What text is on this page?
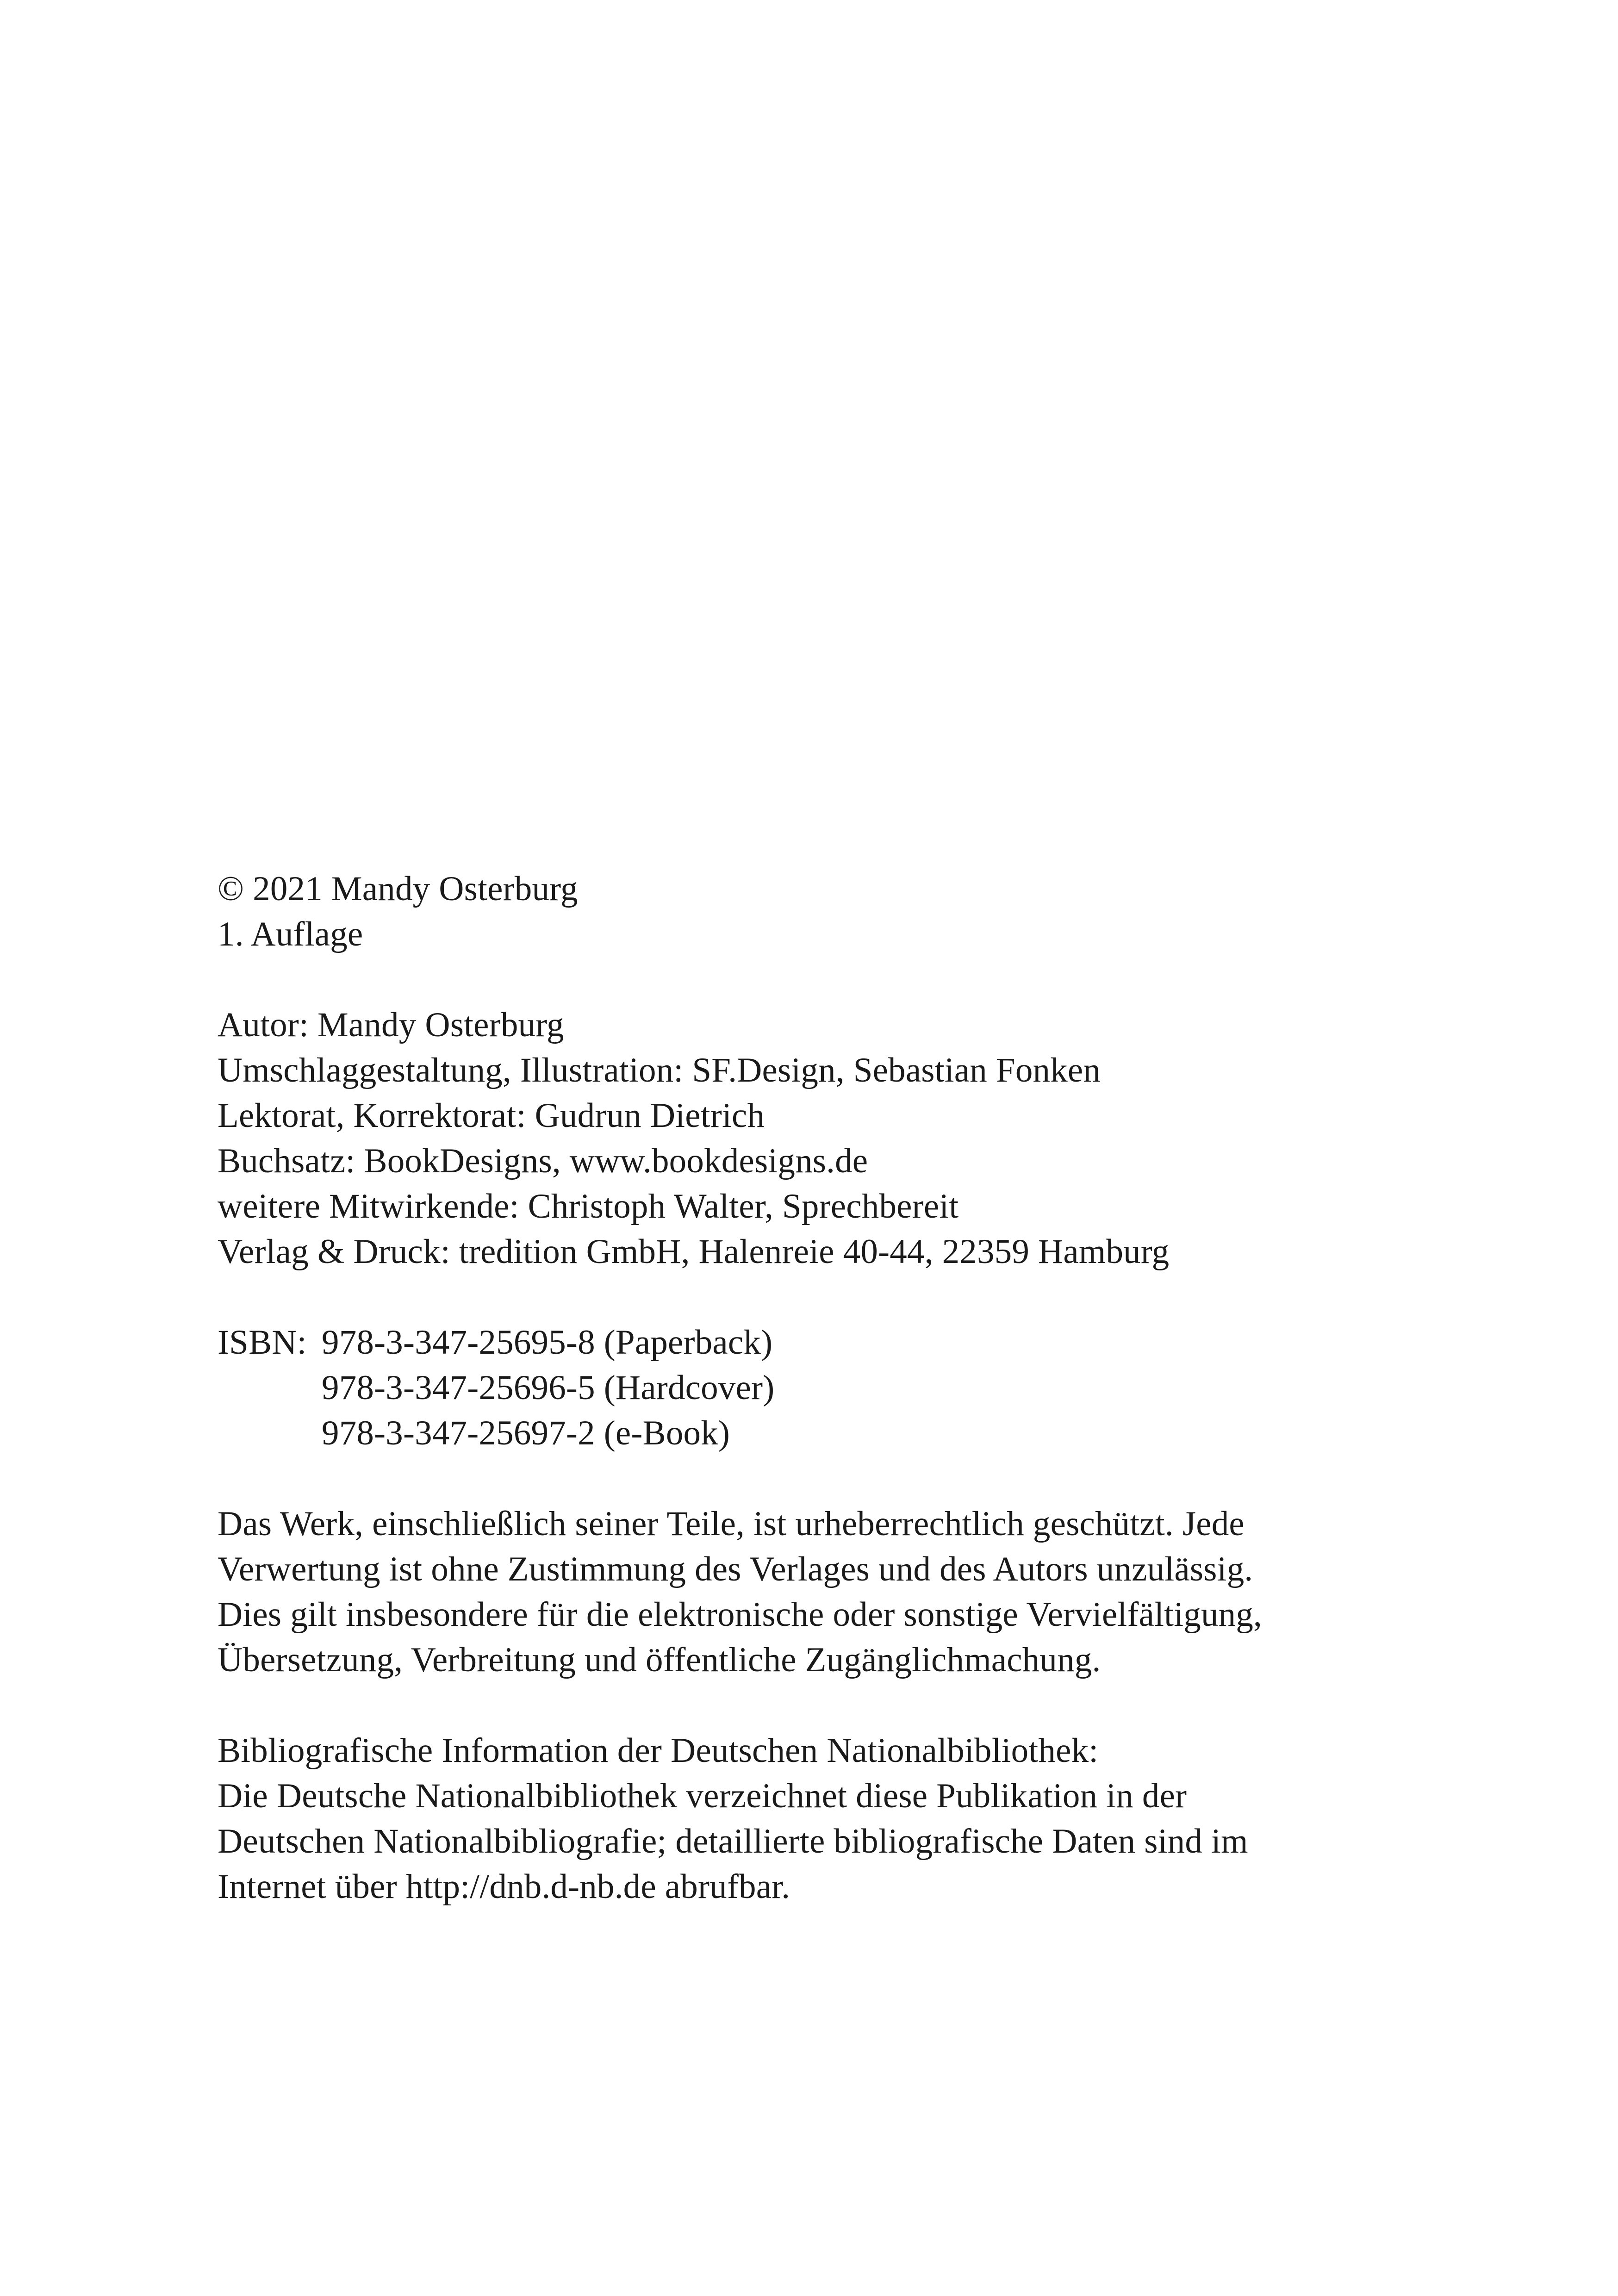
© 2021 Mandy Osterburg
1. Auflage
Autor: Mandy Osterburg
Umschlaggestaltung, Illustration: SF.Design, Sebastian Fonken
Lektorat, Korrektorat: Gudrun Dietrich
Buchsatz: BookDesigns, www.bookdesigns.de
weitere Mitwirkende: Christoph Walter, Sprechbereit
Verlag & Druck: tredition GmbH, Halenreie 40-44, 22359 Hamburg
ISBN: 978-3-347-25695-8 (Paperback)
978-3-347-25696-5 (Hardcover)
978-3-347-25697-2 (e-Book)
Das Werk, einschließlich seiner Teile, ist urheberrechtlich geschützt. Jede
Verwertung ist ohne Zustimmung des Verlages und des Autors unzulässig.
Dies gilt insbesondere für die elektronische oder sonstige Vervielfältigung,
Übersetzung, Verbreitung und öffentliche Zugänglichmachung.
Bibliografische Information der Deutschen Nationalbibliothek:
Die Deutsche Nationalbibliothek verzeichnet diese Publikation in der
Deutschen Nationalbibliografie; detaillierte bibliografische Daten sind im
Internet über http://dnb.d-nb.de abrufbar.
